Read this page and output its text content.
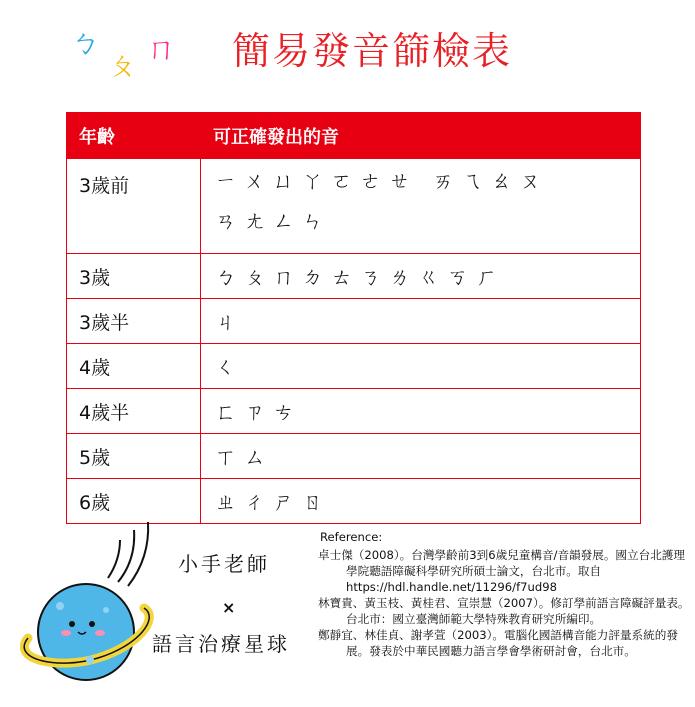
ㄅ
ㄆ ㄇ 簡易發音篩檢表
年齡	可正確發出的音
3歲前	ㄧㄨㄩㄚㄛㄜㄝ ㄞㄟㄠㄡ
ㄢㄤㄥㄣ

3歲	ㄅㄆㄇㄉㄊㄋㄌㄍㄎㄏ
3歲半	ㄐ
4歲	ㄑ
4歲半	ㄈㄗㄘ
5歲	ㄒㄙ
6歲	ㄓㄔㄕㄖ
小手老師
×
語言治療星球
Reference:

卓士傑（2008）。台灣學齡前3到6歲兒童構音/音韻發展。國立台北護理學院聽語障礙科學研究所碩士論文，台北市。取自https://hdl.handle.net/11296/f7ud98

林寶貴、黃玉枝、黃桂君、宣崇慧（2007）。修訂學前語言障礙評量表。台北市：國立臺灣師範大學特殊教育研究所編印。

鄭靜宜、林佳貞、謝孝萱（2003）。電腦化國語構音能力評量系統的發展。發表於中華民國聽力語言學會學術研討會，台北市。
